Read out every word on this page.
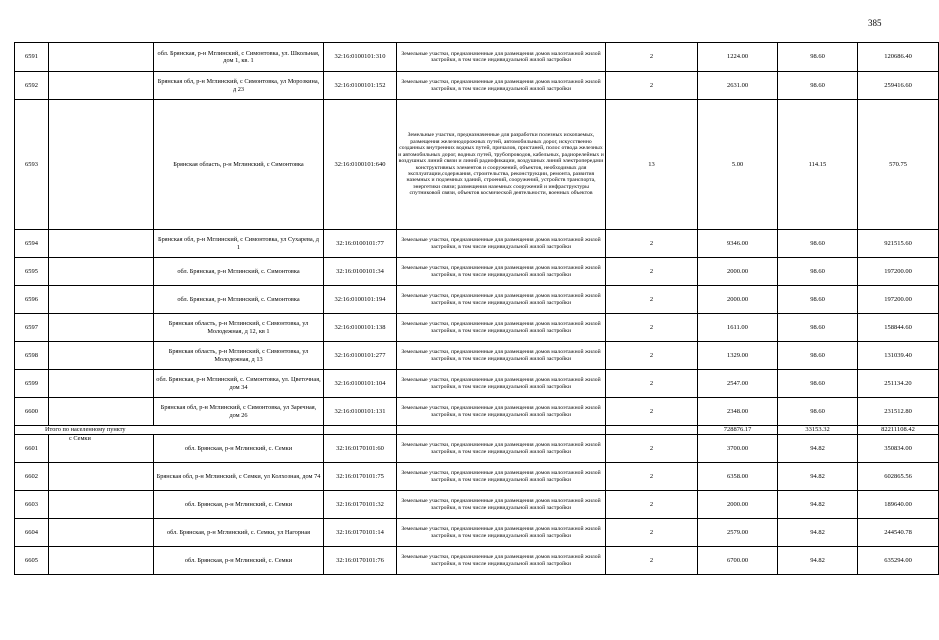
385
6591		обл. Брянская, р-н Мглинский, с Симонтовка, ул. Школьная, дом 1, кв. 1	32:16:0100101:310	Земельные участки, предназначенные для размещения домов малоэтажной жилой застройки, в том числе индивидуальной жилой застройки	2	1224.00	98.60	120686.40
6592		Брянская обл, р-н Мглинский, с Симонтовка, ул Морозкина, д 23	32:16:0100101:152	Земельные участки, предназначенные для размещения домов малоэтажной жилой застройки, в том числе индивидуальной жилой застройки	2	2631.00	98.60	259416.60
6593		Брянская область, р-н Мглинский, с Симонтовка	32:16:0100101:640	Земельные участки, предназначенные для разработки полезных ископаемых, размещения железнодорожных путей, автомобильных дорог, искусственно созданных внутренних водных путей, причалов, пристаней, полос отвода железных и автомобильных дорог, водных путей, трубопроводов, кабельных, радиорелейных и воздушных линий связи и линий радиофикации, воздушных линий электропередачи конструктивных элементов и сооружений, объектов, необходимых для эксплуатации,содержания, строительства, реконструкции, ремонта, развития наземных и подземных зданий, строений, сооружений, устройств транспорта, энергетики связи; размещения наземных сооружений и инфраструктуры спутниковой связи, объектов космической деятельности, военных объектов	13	5.00	114.15	570.75
6594		Брянская обл, р-н Мглинский, с Симонтовка, ул Сухарева, д 1	32:16:0100101:77	Земельные участки, предназначенные для размещения домов малоэтажной жилой застройки, в том числе индивидуальной жилой застройки	2	9346.00	98.60	921515.60
6595		обл. Брянская, р-н Мглинский, с. Симонтовка	32:16:0100101:34	Земельные участки, предназначенные для размещения домов малоэтажной жилой застройки, в том числе индивидуальной жилой застройки	2	2000.00	98.60	197200.00
6596		обл. Брянская, р-н Мглинский, с. Симонтовка	32:16:0100101:194	Земельные участки, предназначенные для размещения домов малоэтажной жилой застройки, в том числе индивидуальной жилой застройки	2	2000.00	98.60	197200.00
6597		Брянская область, р-н Мглинский, с Симонтовка, ул Молодежная, д 12, кв 1	32:16:0100101:138	Земельные участки, предназначенные для размещения домов малоэтажной жилой застройки, в том числе индивидуальной жилой застройки	2	1611.00	98.60	158844.60
6598		Брянская область, р-н Мглинский, с Симонтовка, ул Молодежная, д 13	32:16:0100101:277	Земельные участки, предназначенные для размещения домов малоэтажной жилой застройки, в том числе индивидуальной жилой застройки	2	1329.00	98.60	131039.40
6599		обл. Брянская, р-н Мглинский, с. Симонтовка, ул. Цветочная, дом 34	32:16:0100101:104	Земельные участки, предназначенные для размещения домов малоэтажной жилой застройки, в том числе индивидуальной жилой застройки	2	2547.00	98.60	251134.20
6600		Брянская обл, р-н Мглинский, с Симонтовка, ул Заречная, дом 26	32:16:0100101:131	Земельные участки, предназначенные для размещения домов малоэтажной жилой застройки, в том числе индивидуальной жилой застройки	2	2348.00	98.60	231512.80
Итого по населенному пункту						728876.17	33153.32	82211108.42
6601	с Семки	обл. Брянская, р-н Мглинский, с. Семки	32:16:0170101:60	Земельные участки, предназначенные для размещения домов малоэтажной жилой застройки, в том числе индивидуальной жилой застройки	2	3700.00	94.82	350834.00
6602		Брянская обл, р-н Мглинский, с Семки, ул Колхозная, дом 74	32:16:0170101:75	Земельные участки, предназначенные для размещения домов малоэтажной жилой застройки, в том числе индивидуальной жилой застройки	2	6358.00	94.82	602865.56
6603		обл. Брянская, р-н Мглинский, с. Семки	32:16:0170101:32	Земельные участки, предназначенные для размещения домов малоэтажной жилой застройки, в том числе индивидуальной жилой застройки	2	2000.00	94.82	189640.00
6604		обл. Брянская, р-н Мглинский, с. Семки, ул Нагорная	32:16:0170101:14	Земельные участки, предназначенные для размещения домов малоэтажной жилой застройки, в том числе индивидуальной жилой застройки	2	2579.00	94.82	244540.78
6605		обл. Брянская, р-н Мглинский, с. Семки	32:16:0170101:76	Земельные участки, предназначенные для размещения домов малоэтажной жилой застройки, в том числе индивидуальной жилой застройки	2	6700.00	94.82	635294.00
